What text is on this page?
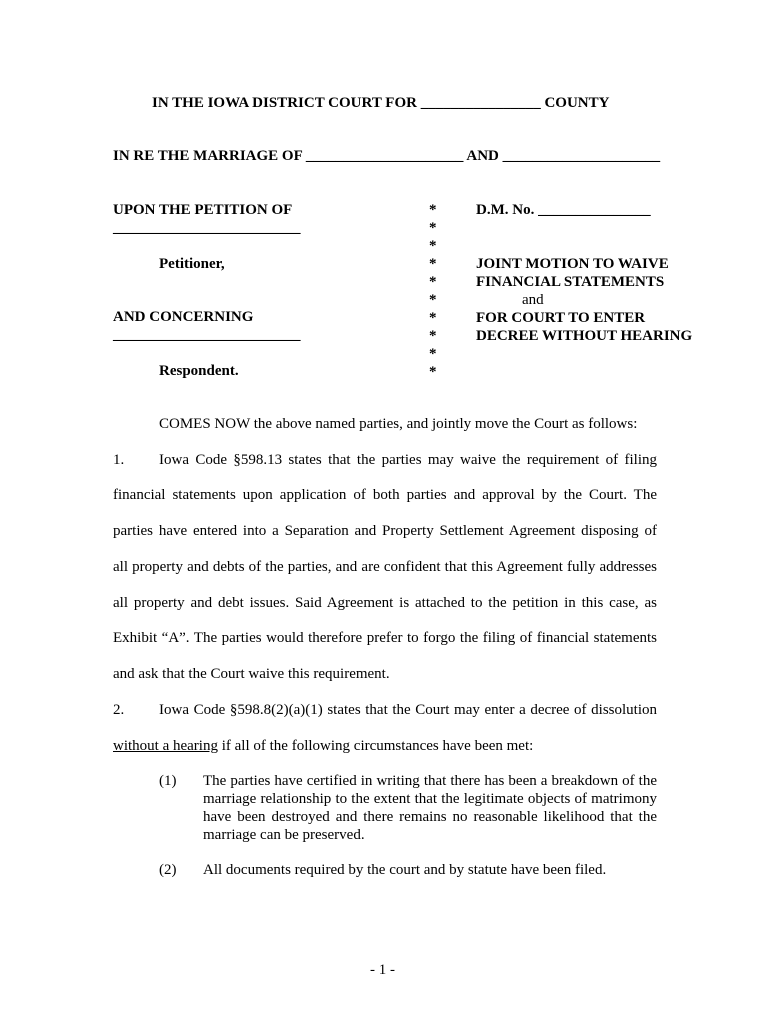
IN THE IOWA DISTRICT COURT FOR ________________ COUNTY
IN RE THE MARRIAGE OF _____________________ AND _____________________
UPON THE PETITION OF
_________________________
Petitioner,
AND CONCERNING
_________________________
Respondent.
*
*
*
*
*
*
*
*
*
*
D.M. No. _______________
JOINT MOTION TO WAIVE
FINANCIAL STATEMENTS
and
FOR COURT TO ENTER
DECREE WITHOUT HEARING
COMES NOW the above named parties, and jointly move the Court as follows:
1. Iowa Code §598.13 states that the parties may waive the requirement of filing
financial statements upon application of both parties and approval by the Court. The
parties have entered into a Separation and Property Settlement Agreement disposing of
all property and debts of the parties, and are confident that this Agreement fully addresses
all property and debt issues. Said Agreement is attached to the petition in this case, as
Exhibit “A”. The parties would therefore prefer to forgo the filing of financial statements
and ask that the Court waive this requirement.
2. Iowa Code §598.8(2)(a)(1) states that the Court may enter a decree of dissolution
without a hearing if all of the following circumstances have been met:
(1) The parties have certified in writing that there has been a breakdown of the marriage relationship to the extent that the legitimate objects of matrimony have been destroyed and there remains no reasonable likelihood that the marriage can be preserved.
(2) All documents required by the court and by statute have been filed.
- 1 -
